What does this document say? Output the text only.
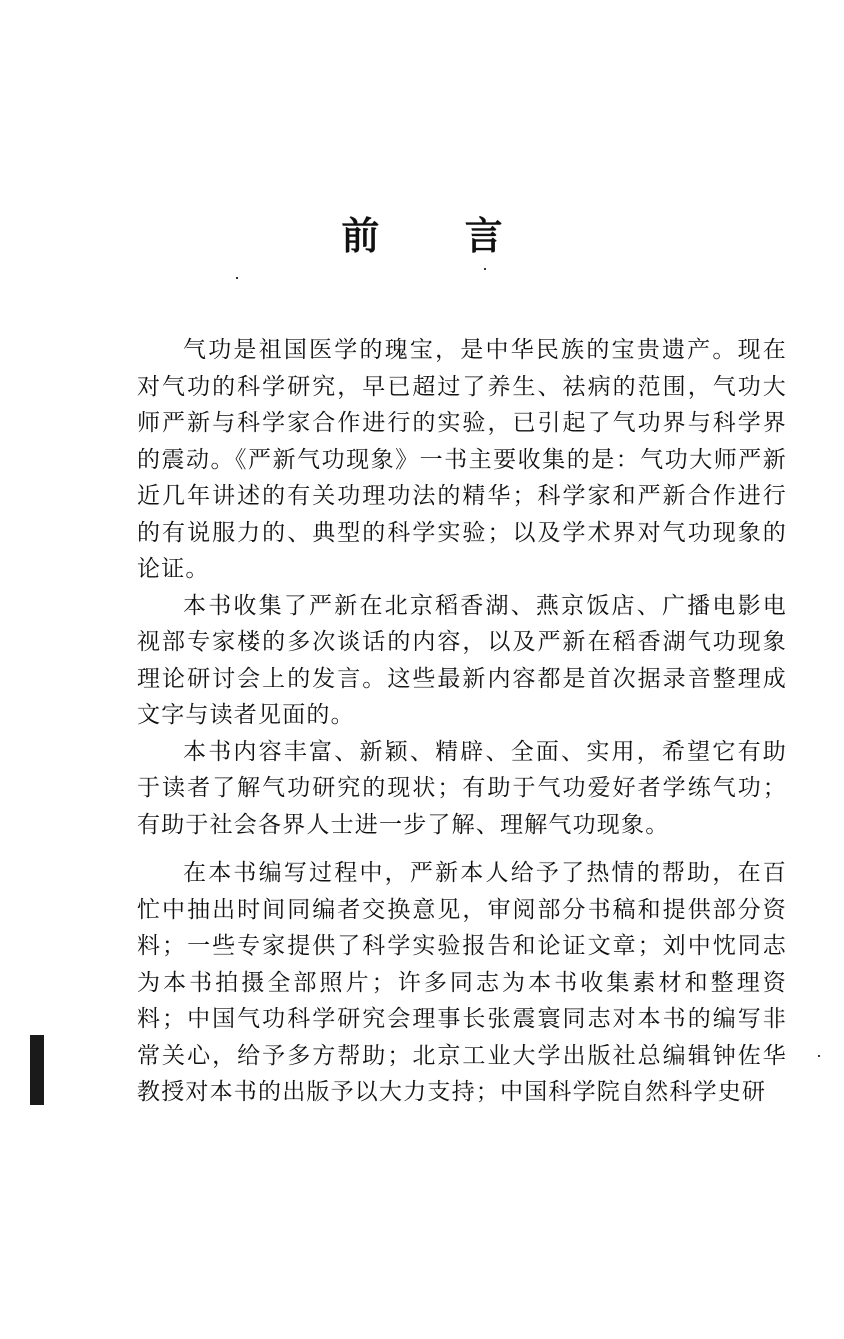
前 言

气功是祖国医学的瑰宝，是中华民族的宝贵遗产。现在对气功的科学研究，早已超过了养生、祛病的范围，气功大师严新与科学家合作进行的实验，已引起了气功界与科学界的震动。《严新气功现象》一书主要收集的是：气功大师严新近几年讲述的有关功理功法的精华；科学家和严新合作进行的有说服力的、典型的科学实验；以及学术界对气功现象的论证。

本书收集了严新在北京稻香湖、燕京饭店、广播电影电视部专家楼的多次谈话的内容，以及严新在稻香湖气功现象理论研讨会上的发言。这些最新内容都是首次据录音整理成文字与读者见面的。

本书内容丰富、新颖、精辟、全面、实用，希望它有助于读者了解气功研究的现状；有助于气功爱好者学练气功；有助于社会各界人士进一步了解、理解气功现象。

在本书编写过程中，严新本人给予了热情的帮助，在百忙中抽出时间同编者交换意见，审阅部分书稿和提供部分资料；一些专家提供了科学实验报告和论证文章；刘中忱同志为本书拍摄全部照片；许多同志为本书收集素材和整理资料；中国气功科学研究会理事长张震寰同志对本书的编写非常关心，给予多方帮助；北京工业大学出版社总编辑钟佐华教授对本书的出版予以大力支持；中国科学院自然科学史研
